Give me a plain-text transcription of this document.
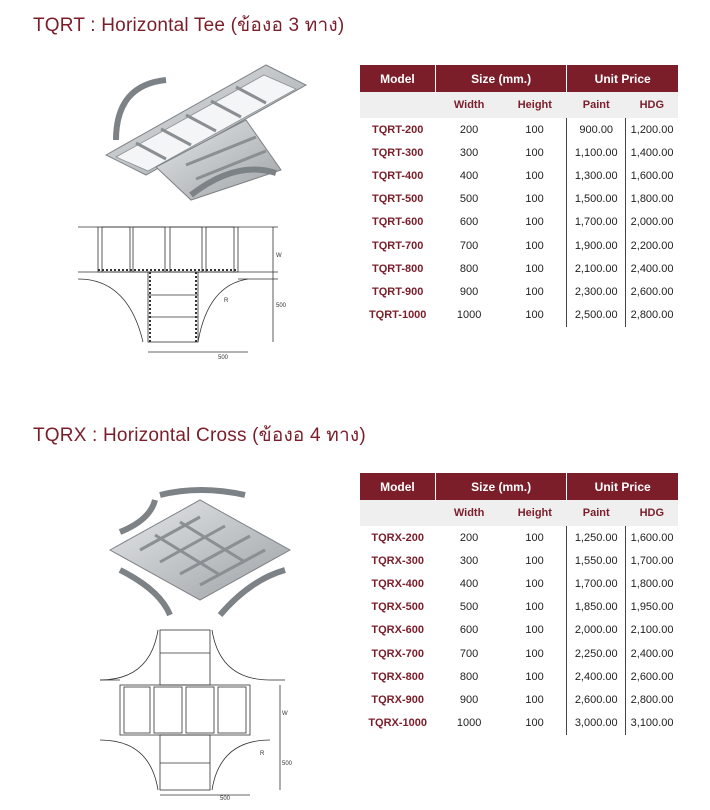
TQRT : Horizontal Tee (ข้องอ 3 ทาง)
500
R
W
500
Model	Size (mm.)		Unit Price	
	Width	Height	Paint	HDG
TQRT-200	200	100	900.00	1,200.00
TQRT-300	300	100	1,100.00	1,400.00
TQRT-400	400	100	1,300.00	1,600.00
TQRT-500	500	100	1,500.00	1,800.00
TQRT-600	600	100	1,700.00	2,000.00
TQRT-700	700	100	1,900.00	2,200.00
TQRT-800	800	100	2,100.00	2,400.00
TQRT-900	900	100	2,300.00	2,600.00
TQRT-1000	1000	100	2,500.00	2,800.00
TQRX : Horizontal Cross (ข้องอ 4 ทาง)
500
R
W
500
Model	Size (mm.)		Unit Price	
	Width	Height	Paint	HDG
TQRX-200	200	100	1,250.00	1,600.00
TQRX-300	300	100	1,550.00	1,700.00
TQRX-400	400	100	1,700.00	1,800.00
TQRX-500	500	100	1,850.00	1,950.00
TQRX-600	600	100	2,000.00	2,100.00
TQRX-700	700	100	2,250.00	2,400.00
TQRX-800	800	100	2,400.00	2,600.00
TQRX-900	900	100	2,600.00	2,800.00
TQRX-1000	1000	100	3,000.00	3,100.00
